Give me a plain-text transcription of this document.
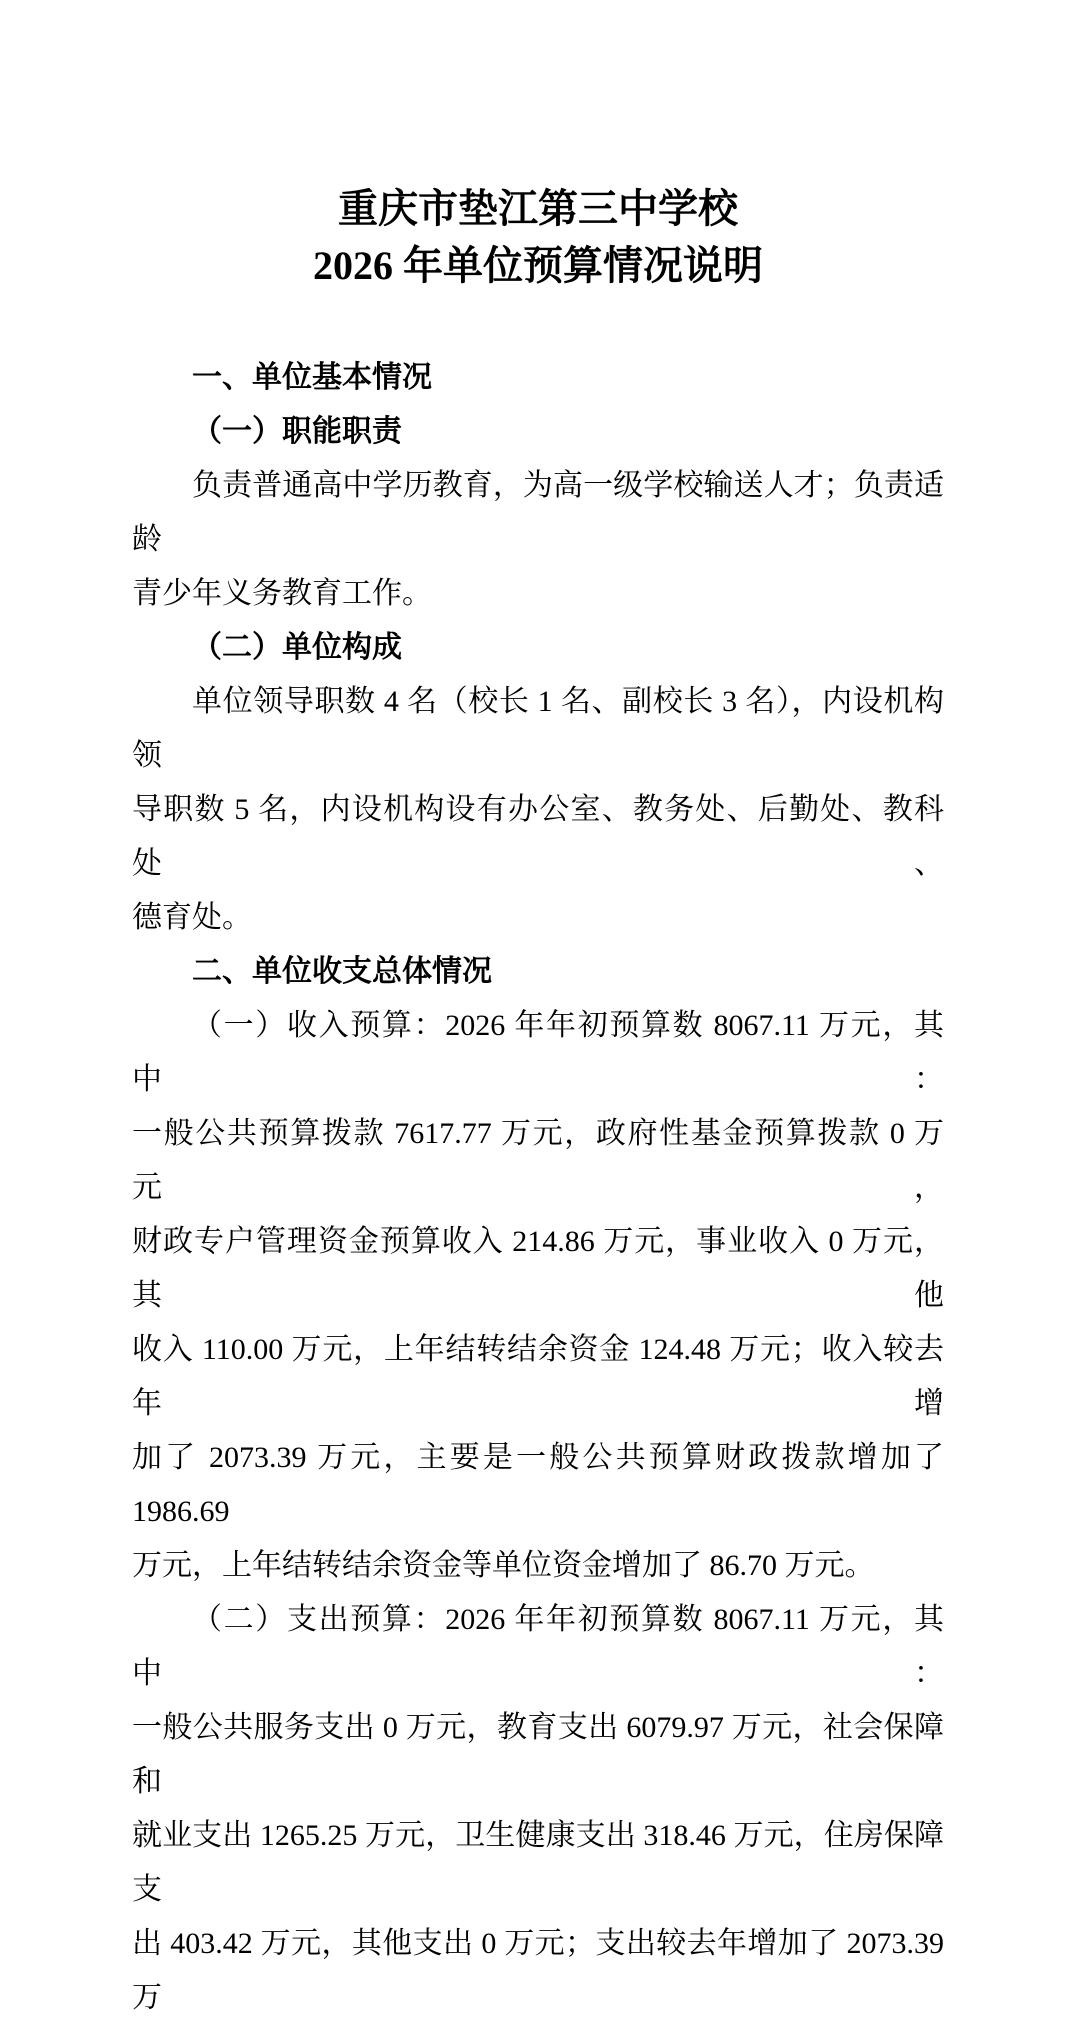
重庆市垫江第三中学校
2026 年单位预算情况说明
一、单位基本情况
（一）职能职责
负责普通高中学历教育，为高一级学校输送人才；负责适龄
青少年义务教育工作。
（二）单位构成
单位领导职数 4 名（校长 1 名、副校长 3 名），内设机构领
导职数 5 名，内设机构设有办公室、教务处、后勤处、教科处、
德育处。
二、单位收支总体情况
（一）收入预算：2026 年年初预算数 8067.11 万元，其中：
一般公共预算拨款 7617.77 万元，政府性基金预算拨款 0 万元，
财政专户管理资金预算收入 214.86 万元，事业收入 0 万元，其他
收入 110.00 万元，上年结转结余资金 124.48 万元；收入较去年增
加了 2073.39 万元，主要是一般公共预算财政拨款增加了 1986.69
万元，上年结转结余资金等单位资金增加了 86.70 万元。
（二）支出预算：2026 年年初预算数 8067.11 万元，其中：
一般公共服务支出 0 万元，教育支出 6079.97 万元，社会保障和
就业支出 1265.25 万元，卫生健康支出 318.46 万元，住房保障支
出 403.42 万元，其他支出 0 万元；支出较去年增加了 2073.39 万
